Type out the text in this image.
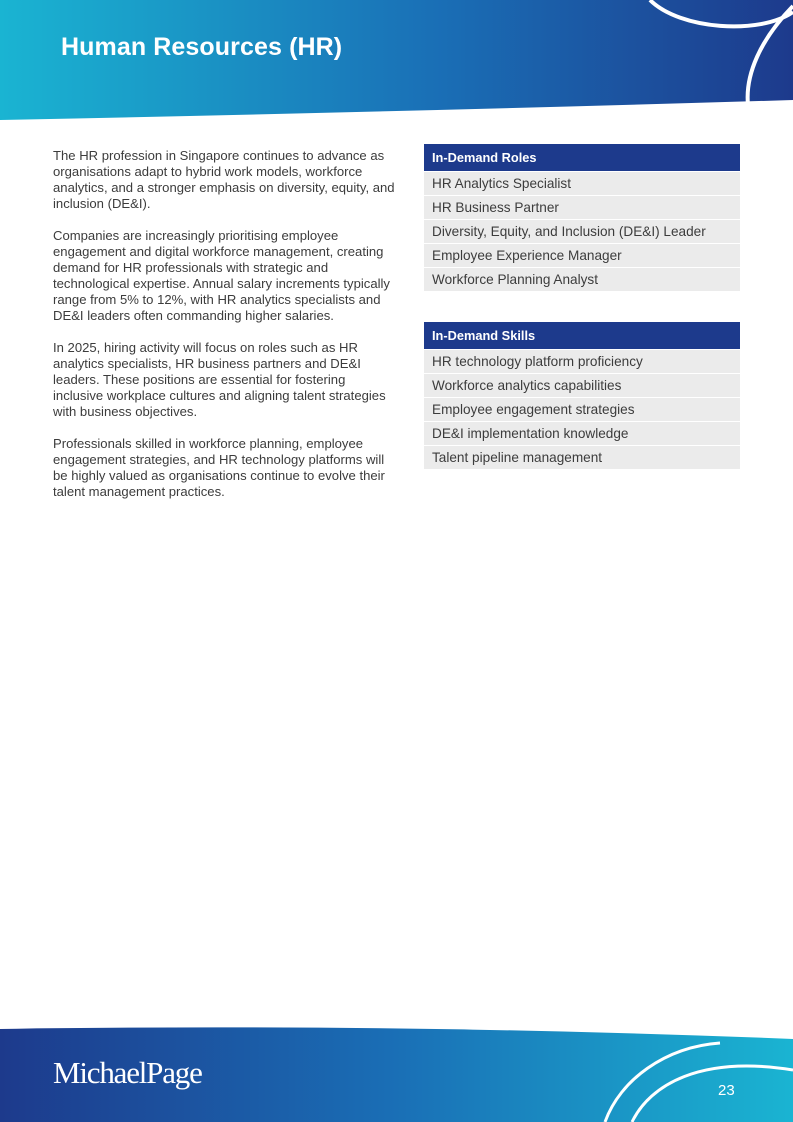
Human Resources (HR)

The HR profession in Singapore continues to advance as organisations adapt to hybrid work models, workforce analytics, and a stronger emphasis on diversity, equity, and inclusion (DE&I).

Companies are increasingly prioritising employee engagement and digital workforce management, creating demand for HR professionals with strategic and technological expertise. Annual salary increments typically range from 5% to 12%, with HR analytics specialists and DE&I leaders often commanding higher salaries.

In 2025, hiring activity will focus on roles such as HR analytics specialists, HR business partners and DE&I leaders. These positions are essential for fostering inclusive workplace cultures and aligning talent strategies with business objectives.

Professionals skilled in workforce planning, employee engagement strategies, and HR technology platforms will be highly valued as organisations continue to evolve their talent management practices.

In-Demand Roles
HR Analytics Specialist
HR Business Partner
Diversity, Equity, and Inclusion (DE&I) Leader
Employee Experience Manager
Workforce Planning Analyst
In-Demand Skills
HR technology platform proficiency
Workforce analytics capabilities
Employee engagement strategies
DE&I implementation knowledge
Talent pipeline management
MichaelPage
23
